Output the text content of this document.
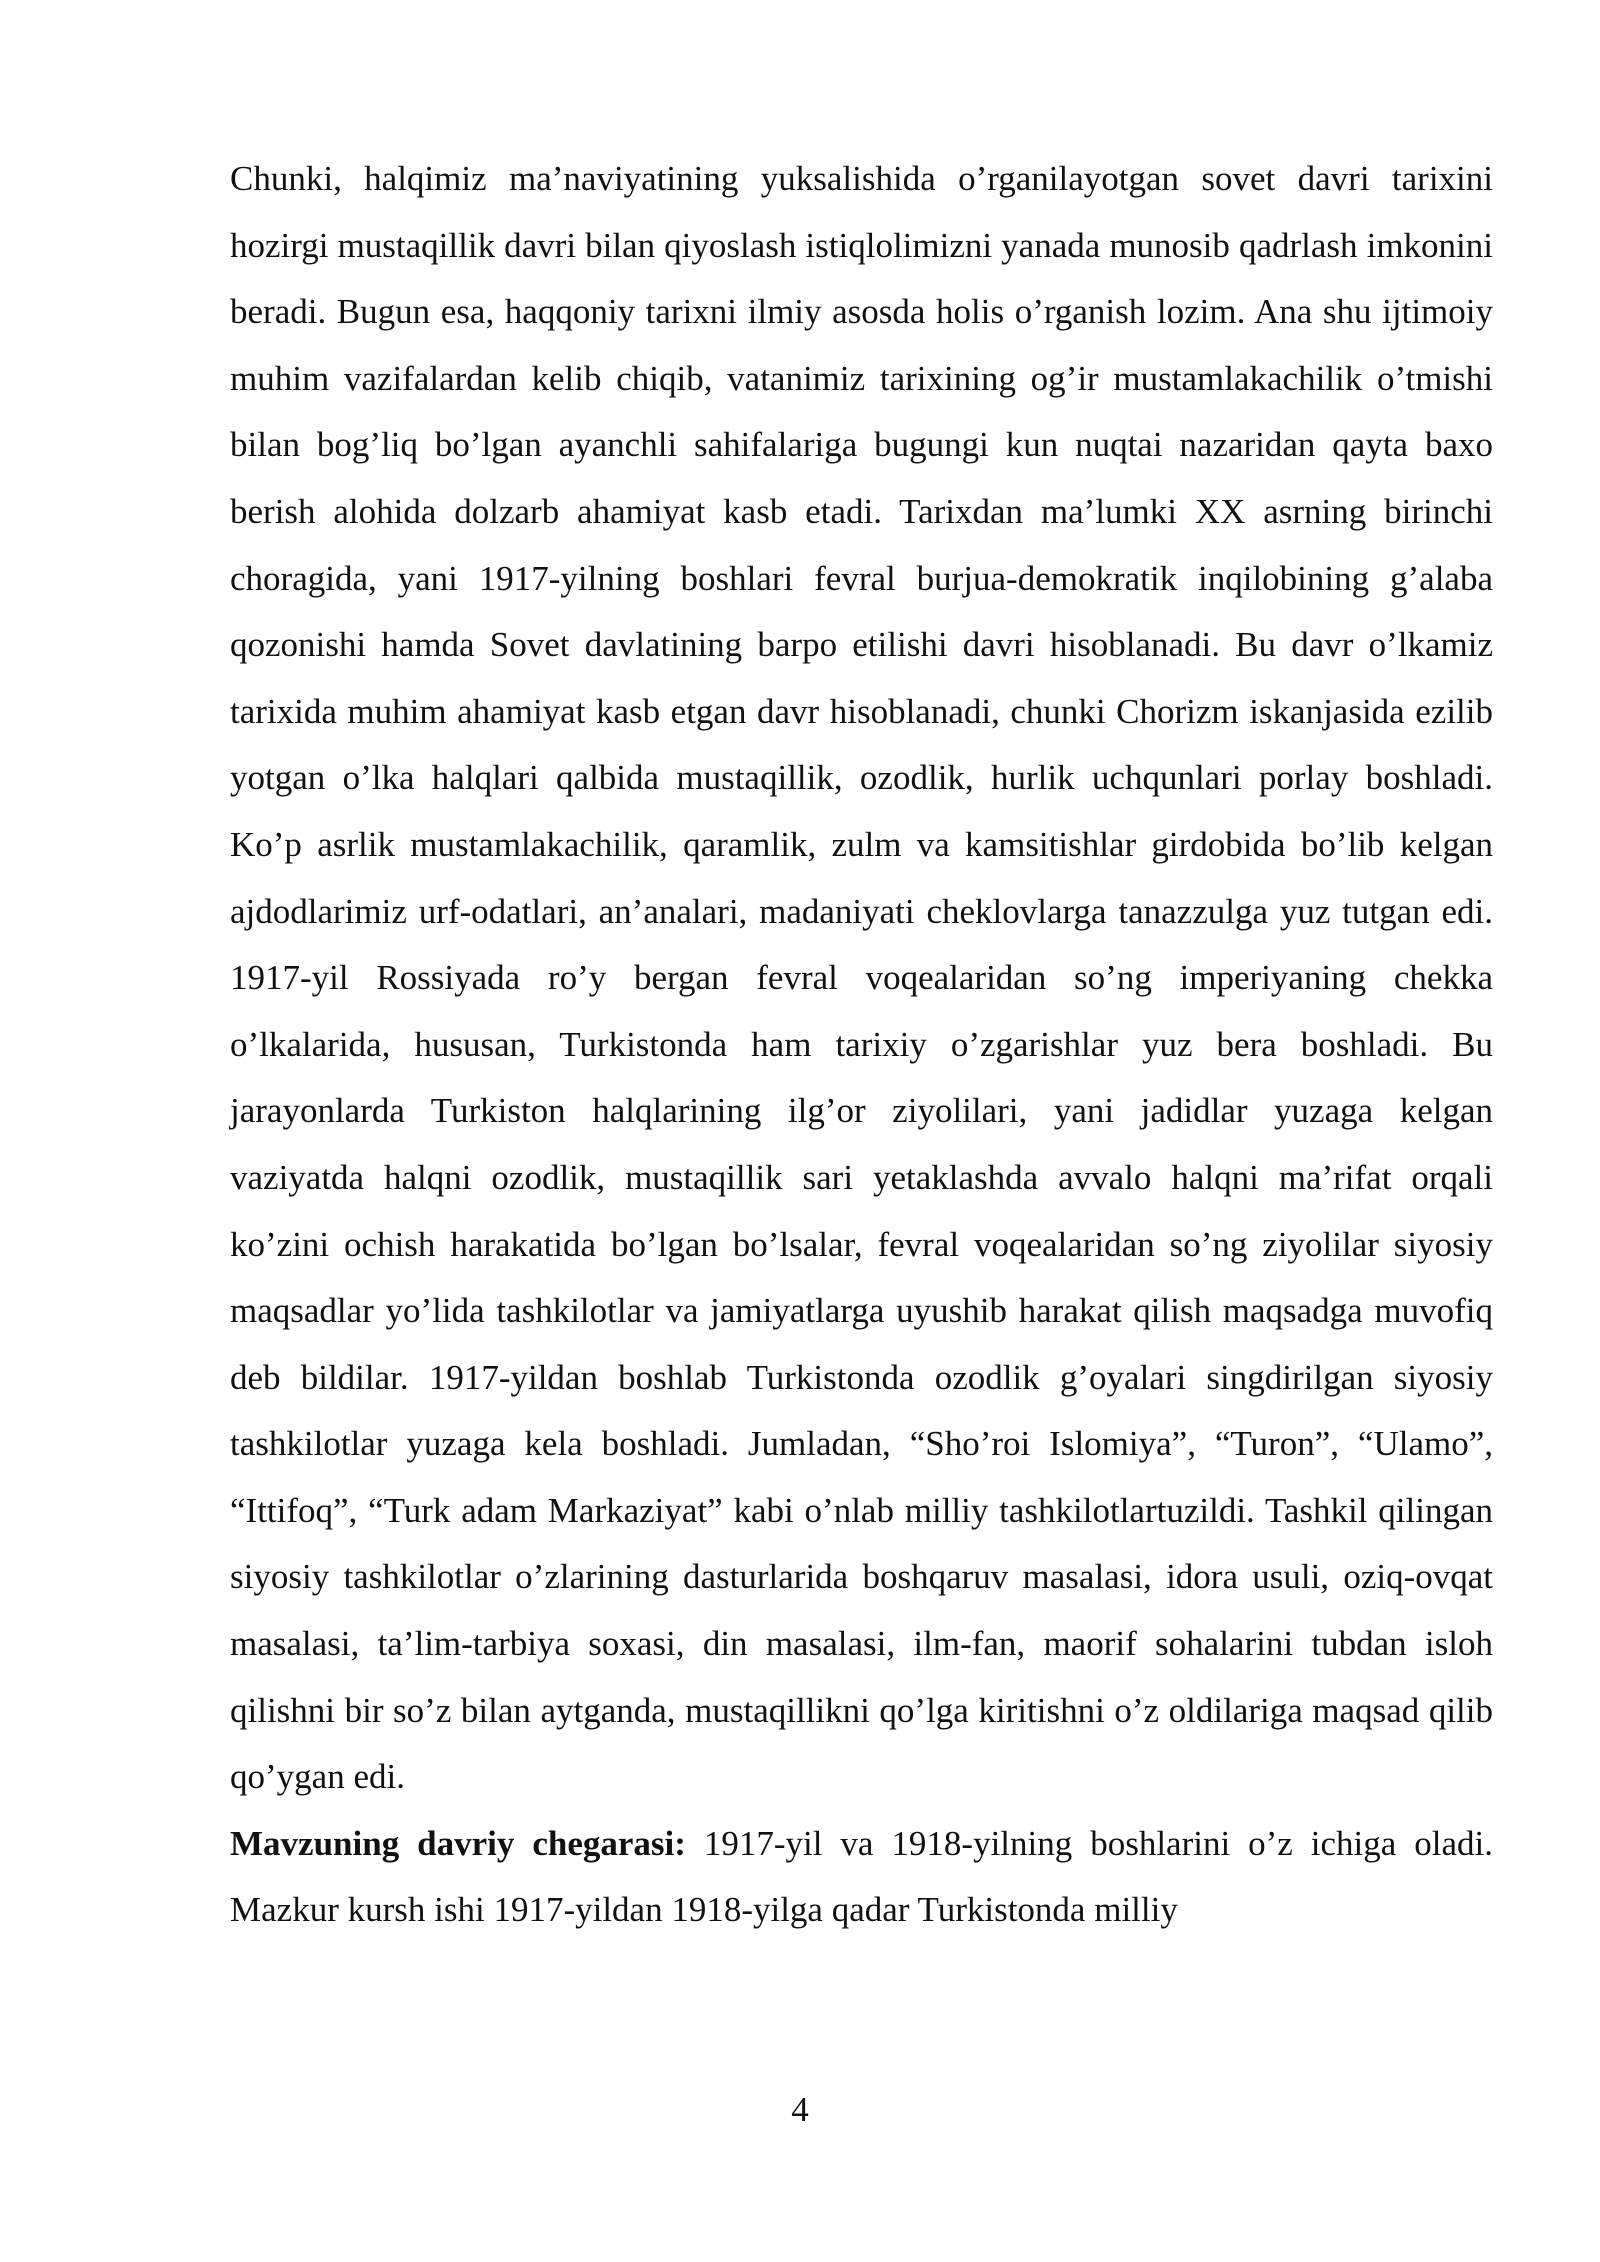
Chunki, halqimiz ma’naviyatining yuksalishida o’rganilayotgan sovet davri tarixini hozirgi mustaqillik davri bilan qiyoslash istiqlolimizni yanada munosib qadrlash imkonini beradi. Bugun esa, haqqoniy tarixni ilmiy asosda holis o’rganish lozim. Ana shu ijtimoiy muhim vazifalardan kelib chiqib, vatanimiz tarixining og’ir mustamlakachilik o’tmishi bilan bog’liq bo’lgan ayanchli sahifalariga bugungi kun nuqtai nazaridan qayta baxo berish alohida dolzarb ahamiyat kasb etadi. Tarixdan ma’lumki XX asrning birinchi choragida, yani 1917-yilning boshlari fevral burjua-demokratik inqilobining g’alaba qozonishi hamda Sovet davlatining barpo etilishi davri hisoblanadi. Bu davr o’lkamiz tarixida muhim ahamiyat kasb etgan davr hisoblanadi, chunki Chorizm iskanjasida ezilib yotgan o’lka halqlari qalbida mustaqillik, ozodlik, hurlik uchqunlari porlay boshladi. Ko’p asrlik mustamlakachilik, qaramlik, zulm va kamsitishlar girdobida bo’lib kelgan ajdodlarimiz urf-odatlari, an’analari, madaniyati cheklovlarga tanazzulga yuz tutgan edi. 1917-yil Rossiyada ro’y bergan fevral voqealaridan so’ng imperiyaning chekka o’lkalarida, hususan, Turkistonda ham tarixiy o’zgarishlar yuz bera boshladi. Bu jarayonlarda Turkiston halqlarining ilg’or ziyolilari, yani jadidlar yuzaga kelgan vaziyatda halqni ozodlik, mustaqillik sari yetaklashda avvalo halqni ma’rifat orqali ko’zini ochish harakatida bo’lgan bo’lsalar, fevral voqealaridan so’ng ziyolilar siyosiy maqsadlar yo’lida tashkilotlar va jamiyatlarga uyushib harakat qilish maqsadga muvofiq deb bildilar. 1917-yildan boshlab Turkistonda ozodlik g’oyalari singdirilgan siyosiy tashkilotlar yuzaga kela boshladi. Jumladan, “Sho’roi Islomiya”, “Turon”, “Ulamo”, “Ittifoq”, “Turk adam Markaziyat” kabi o’nlab milliy tashkilotlartuzildi. Tashkil qilingan siyosiy tashkilotlar o’zlarining dasturlarida boshqaruv masalasi, idora usuli, oziq-ovqat masalasi, ta’lim-tarbiya soxasi, din masalasi, ilm-fan, maorif sohalarini tubdan isloh qilishni bir so’z bilan aytganda, mustaqillikni qo’lga kiritishni o’z oldilariga maqsad qilib qo’ygan edi.

Mavzuning davriy chegarasi: 1917-yil va 1918-yilning boshlarini o’z ichiga oladi. Mazkur kursh ishi 1917-yildan 1918-yilga qadar Turkistonda milliy

4
